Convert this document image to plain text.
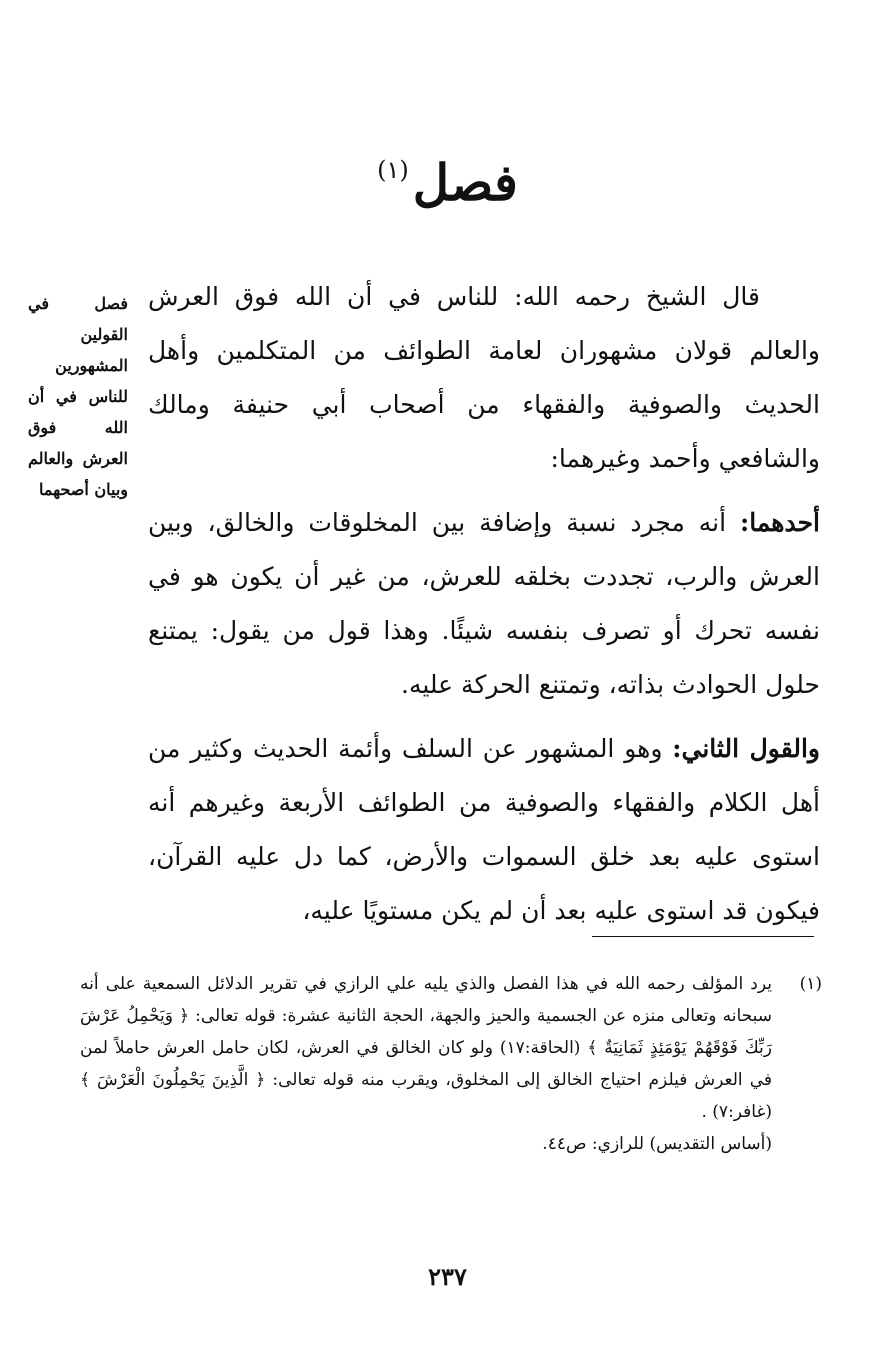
فصل$^{(١)}$
فصل في القولين المشهورين للناس في أن الله فوق العرش والعالم وبيان أصحهما

قال الشيخ رحمه الله: للناس في أن الله فوق العرش والعالم قولان مشهوران لعامة الطوائف من المتكلمين وأهل الحديث والصوفية والفقهاء من أصحاب أبي حنيفة ومالك والشافعي وأحمد وغيرهما:

أحدهما: أنه مجرد نسبة وإضافة بين المخلوقات والخالق، وبين العرش والرب، تجددت بخلقه للعرش، من غير أن يكون هو في نفسه تحرك أو تصرف بنفسه شيئًا. وهذا قول من يقول: يمتنع حلول الحوادث بذاته، وتمتنع الحركة عليه.

والقول الثاني: وهو المشهور عن السلف وأئمة الحديث وكثير من أهل الكلام والفقهاء والصوفية من الطوائف الأربعة وغيرهم أنه استوى عليه بعد خلق السموات والأرض، كما دل عليه القرآن، فيكون قد استوى عليه بعد أن لم يكن مستويًا عليه،

(١)
يرد المؤلف رحمه الله في هذا الفصل والذي يليه علي الرازي في تقرير الدلائل السمعية على أنه سبحانه وتعالى منزه عن الجسمية والحيز والجهة، الحجة الثانية عشرة: قوله تعالى: ﴿ وَيَحْمِلُ عَرْشَ رَبِّكَ فَوْقَهُمْ يَوْمَئِذٍ ثَمَانِيَةٌ ﴾ (الحاقة:١٧) ولو كان الخالق في العرش، لكان حامل العرش حاملاً لمن في العرش فيلزم احتياج الخالق إلى المخلوق، ويقرب منه قوله تعالى: ﴿ الَّذِينَ يَحْمِلُونَ الْعَرْشَ ﴾ (غافر:٧) .
(أساس التقديس) للرازي: ص٤٤.
٢٣٧
